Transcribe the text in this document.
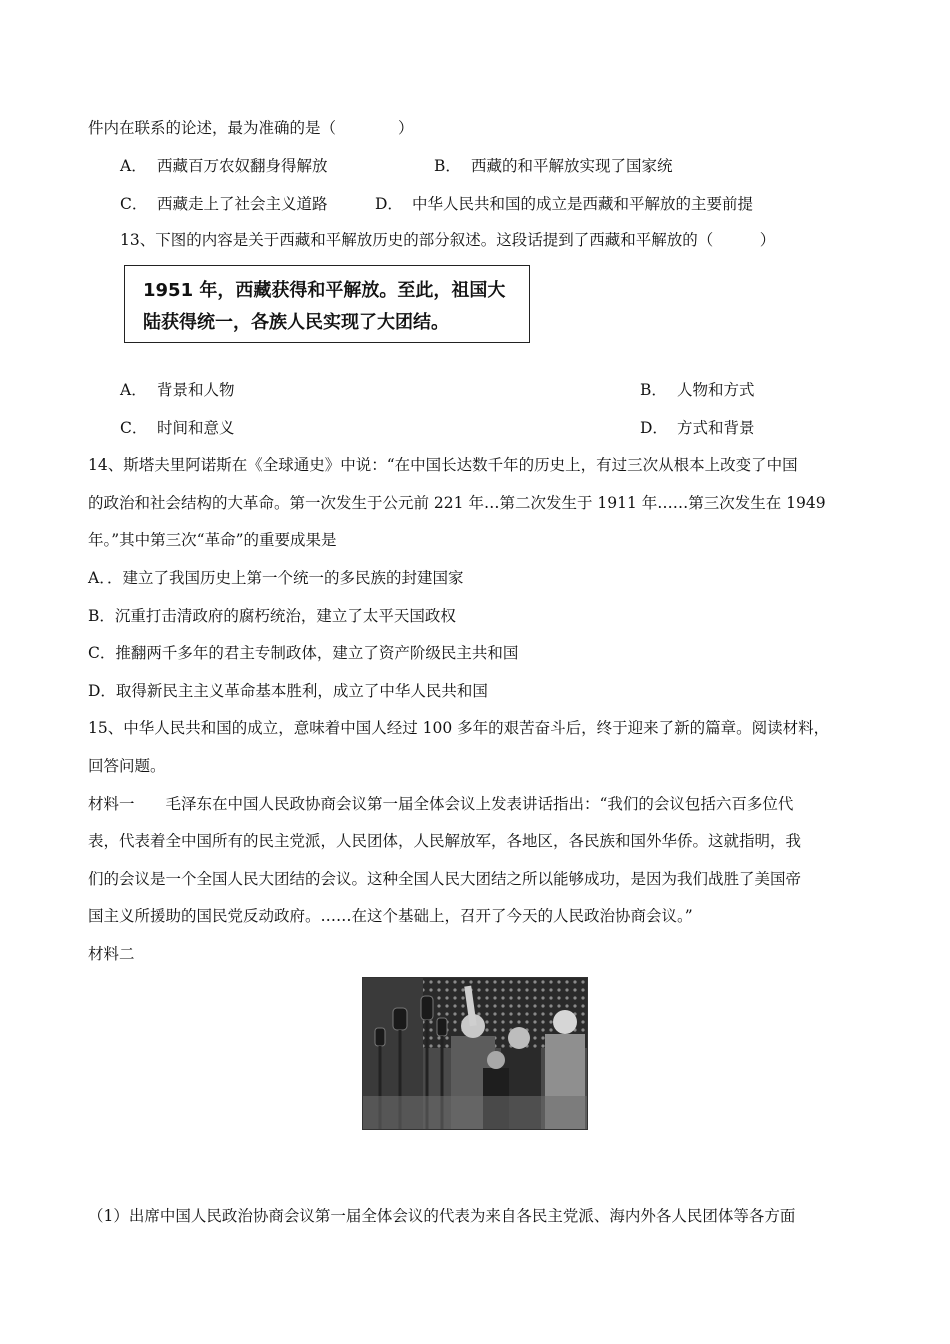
件内在联系的论述，最为准确的是（　　　　）
A． 西藏百万农奴翻身得解放	B． 西藏的和平解放实现了国家统
C． 西藏走上了社会主义道路	D． 中华人民共和国的成立是西藏和平解放的主要前提
13、下图的内容是关于西藏和平解放历史的部分叙述。这段话提到了西藏和平解放的（　　　）
1951 年，西藏获得和平解放。至此，祖国大
陆获得统一，各族人民实现了大团结。
A． 背景和人物	B． 人物和方式
C． 时间和意义	D． 方式和背景
14、斯塔夫里阿诺斯在《全球通史》中说：“在中国长达数千年的历史上，有过三次从根本上改变了中国
的政治和社会结构的大革命。第一次发生于公元前 221 年…第二次发生于 1911 年……第三次发生在 1949
年。”其中第三次“革命”的重要成果是
A．．建立了我国历史上第一个统一的多民族的封建国家
B．沉重打击清政府的腐朽统治，建立了太平天国政权
C．推翻两千多年的君主专制政体，建立了资产阶级民主共和国
D．取得新民主主义革命基本胜利，成立了中华人民共和国
15、中华人民共和国的成立，意味着中国人经过 100 多年的艰苦奋斗后，终于迎来了新的篇章。阅读材料，
回答问题。
材料一　　毛泽东在中国人民政协商会议第一届全体会议上发表讲话指出：“我们的会议包括六百多位代
表，代表着全中国所有的民主党派，人民团体，人民解放军，各地区，各民族和国外华侨。这就指明，我
们的会议是一个全国人民大团结的会议。这种全国人民大团结之所以能够成功，是因为我们战胜了美国帝
国主义所援助的国民党反动政府。……在这个基础上，召开了今天的人民政治协商会议。”
材料二
（1）出席中国人民政治协商会议第一届全体会议的代表为来自各民主党派、海内外各人民团体等各方面
